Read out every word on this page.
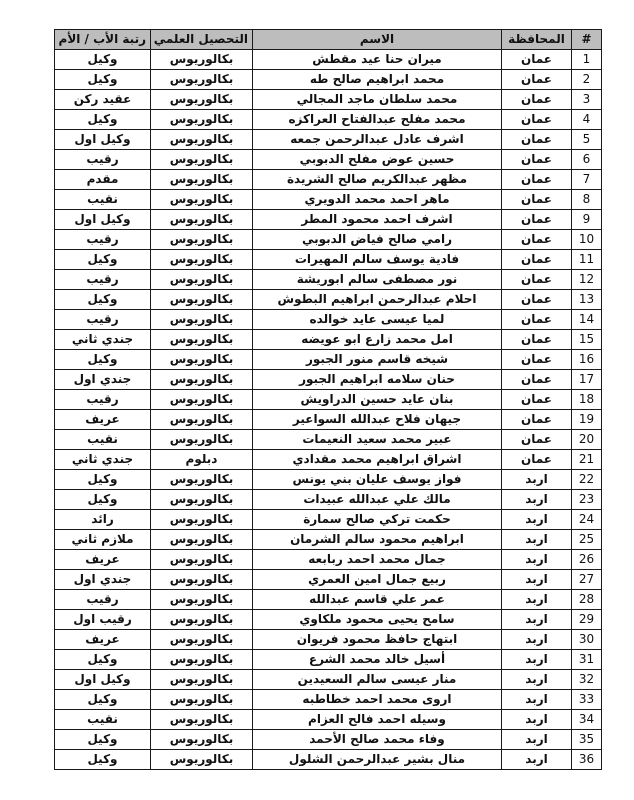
#	المحافظة	الاسم	التحصيل العلمي	رتبة الأب / الأم
1	عمان	ميران حنا عيد مقطش	بكالوريوس	وكيل
2	عمان	محمد ابراهيم صالح طه	بكالوريوس	وكيل
3	عمان	محمد سلطان ماجد المجالي	بكالوريوس	عقيد ركن
4	عمان	محمد مفلح عبدالفتاح العراكزه	بكالوريوس	وكيل
5	عمان	اشرف عادل عبدالرحمن جمعه	بكالوريوس	وكيل اول
6	عمان	حسين عوض مفلح الدبوبي	بكالوريوس	رقيب
7	عمان	مظهر عبدالكريم صالح الشريدة	بكالوريوس	مقدم
8	عمان	ماهر احمد محمد الدويري	بكالوريوس	نقيب
9	عمان	اشرف احمد محمود المطر	بكالوريوس	وكيل اول
10	عمان	رامي صالح فياض الدبوبي	بكالوريوس	رقيب
11	عمان	فادية يوسف سالم المهيرات	بكالوريوس	وكيل
12	عمان	نور مصطفى سالم ابوريشة	بكالوريوس	رقيب
13	عمان	احلام عبدالرحمن ابراهيم البطوش	بكالوريوس	وكيل
14	عمان	لميا عيسى عايد خوالده	بكالوريوس	رقيب
15	عمان	امل محمد زارع ابو عويضه	بكالوريوس	جندي ثاني
16	عمان	شيخه قاسم منور الجبور	بكالوريوس	وكيل
17	عمان	حنان سلامه ابراهيم الجبور	بكالوريوس	جندي اول
18	عمان	بنان عايد حسين الدراويش	بكالوريوس	رقيب
19	عمان	جيهان فلاح عبدالله السواعير	بكالوريوس	عريف
20	عمان	عبير محمد سعيد النعيمات	بكالوريوس	نقيب
21	عمان	اشراق ابراهيم محمد مقدادي	دبلوم	جندي ثاني
22	اربد	فواز يوسف عليان بني يونس	بكالوريوس	وكيل
23	اربد	مالك علي عبدالله عبيدات	بكالوريوس	وكيل
24	اربد	حكمت تركي صالح سمارة	بكالوريوس	رائد
25	اربد	ابراهيم محمود سالم الشرمان	بكالوريوس	ملازم ثاني
26	اربد	جمال محمد احمد ربابعه	بكالوريوس	عريف
27	اربد	ربيع جمال امين العمري	بكالوريوس	جندي اول
28	اربد	عمر علي قاسم عبدالله	بكالوريوس	رقيب
29	اربد	سامح يحيى محمود ملكاوي	بكالوريوس	رقيب اول
30	اربد	ابتهاج حافظ محمود فريوان	بكالوريوس	عريف
31	اربد	أسيل خالد محمد الشرع	بكالوريوس	وكيل
32	اربد	منار عيسى سالم السعيدين	بكالوريوس	وكيل اول
33	اربد	اروى محمد احمد خطاطبه	بكالوريوس	وكيل
34	اربد	وسيله احمد فالح العزام	بكالوريوس	نقيب
35	اربد	وفاء محمد صالح الأحمد	بكالوريوس	وكيل
36	اربد	منال بشير عبدالرحمن الشلول	بكالوريوس	وكيل
